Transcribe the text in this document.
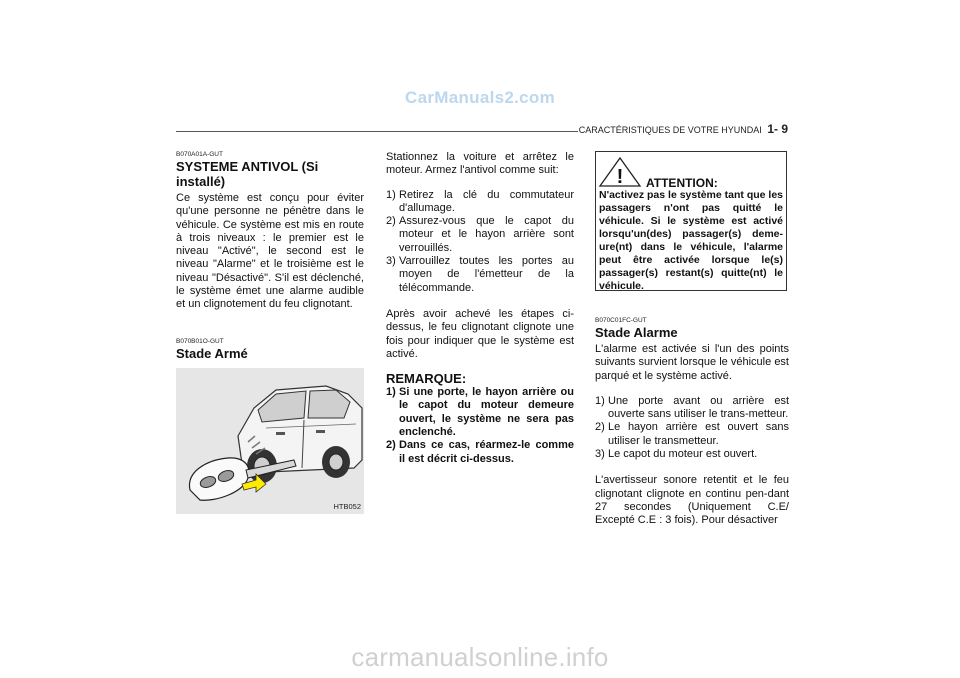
CarManuals2.com
CARACTÉRISTIQUES DE VOTRE HYUNDAI 1- 9
B070A01A-GUT
SYSTEME ANTIVOL (Si installé)

Ce système est conçu pour éviter qu'une personne ne pénètre dans le véhicule. Ce système est mis en route à trois niveaux : le premier est le niveau "Activé", le second est le niveau "Alarme" et le troisième est le niveau "Désactivé". S'il est déclenché, le système émet une alarme audible et un clignotement du feu clignotant.

B070B01O-GUT
Stade Armé
HTB052

Stationnez la voiture et arrêtez le moteur. Armez l'antivol comme suit:

1) Retirez la clé du commutateur d'allumage.
2) Assurez-vous que le capot du moteur et le hayon arrière sont verrouillés.
3) Varrouillez toutes les portes au moyen de l'émetteur de la télécommande.

Après avoir achevé les étapes ci-dessus, le feu clignotant clignote une fois pour indiquer que le système est activé.

REMARQUE:
1) Si une porte, le hayon arrière ou le capot du moteur demeure ouvert, le système ne sera pas enclenché.
2) Dans ce cas, réarmez-le comme il est décrit ci-dessus.
! ATTENTION:
N'activez pas le système tant que les passagers n'ont pas quitté le véhicule. Si le système est activé lorsqu'un(des) passager(s) deme-ure(nt) dans le véhicule, l'alarme peut être activée lorsque le(s) passager(s) restant(s) quitte(nt) le véhicule.
B070C01FC-GUT
Stade Alarme

L'alarme est activée si l'un des points suivants survient lorsque le véhicule est parqué et le système activé.

1) Une porte avant ou arrière est ouverte sans utiliser le trans-metteur.
2) Le hayon arrière est ouvert sans utiliser le transmetteur.
3) Le capot du moteur est ouvert.

L'avertisseur sonore retentit et le feu clignotant clignote en continu pen-dant 27 secondes (Uniquement C.E/ Excepté C.E : 3 fois). Pour désactiver

carmanualsonline.info
